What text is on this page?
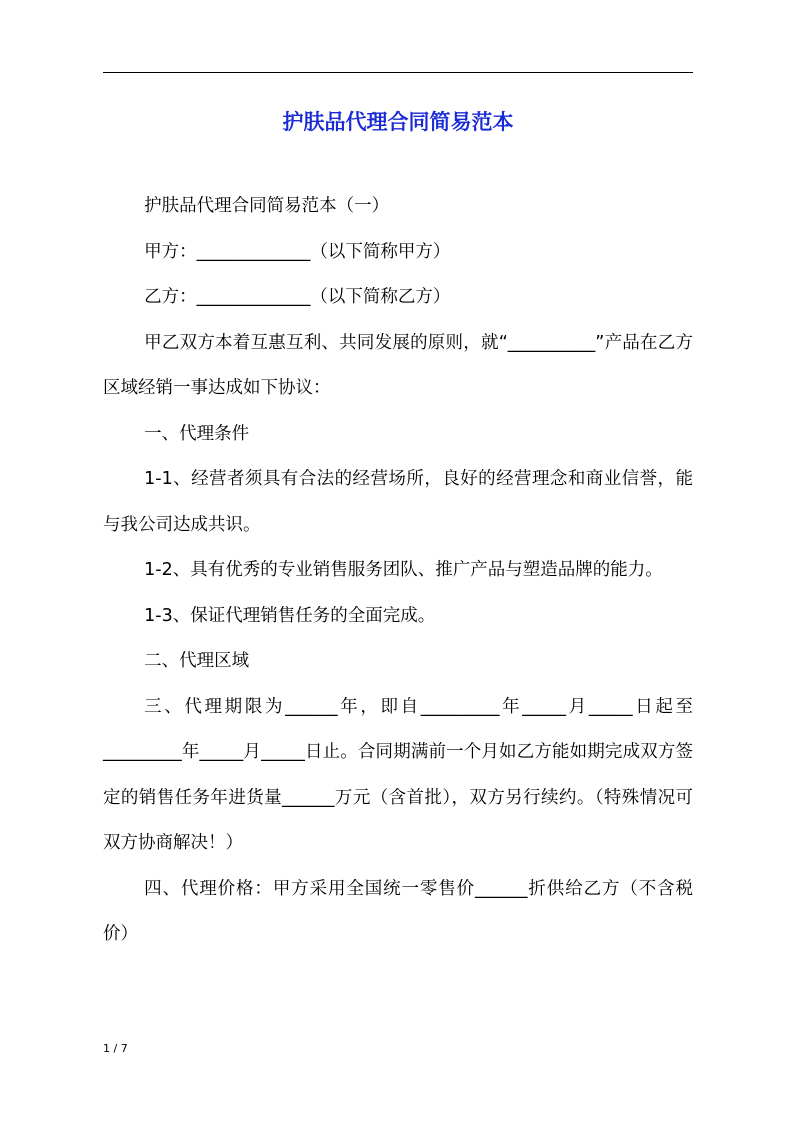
护肤品代理合同简易范本

护肤品代理合同简易范本（一）

甲方：_____________（以下简称甲方）

乙方：_____________（以下简称乙方）

甲乙双方本着互惠互利、共同发展的原则，就“__________”产品在乙方区域经销一事达成如下协议：

一、代理条件

1-1、经营者须具有合法的经营场所，良好的经营理念和商业信誉，能与我公司达成共识。

1-2、具有优秀的专业销售服务团队、推广产品与塑造品牌的能力。

1-3、保证代理销售任务的全面完成。

二、代理区域

三、代理期限为______年，即自_________年_____月_____日起至_________年_____月_____日止。合同期满前一个月如乙方能如期完成双方签定的销售任务年进货量______万元（含首批），双方另行续约。（特殊情况可双方协商解决！）

四、代理价格：甲方采用全国统一零售价______折供给乙方（不含税价）

1 / 7
